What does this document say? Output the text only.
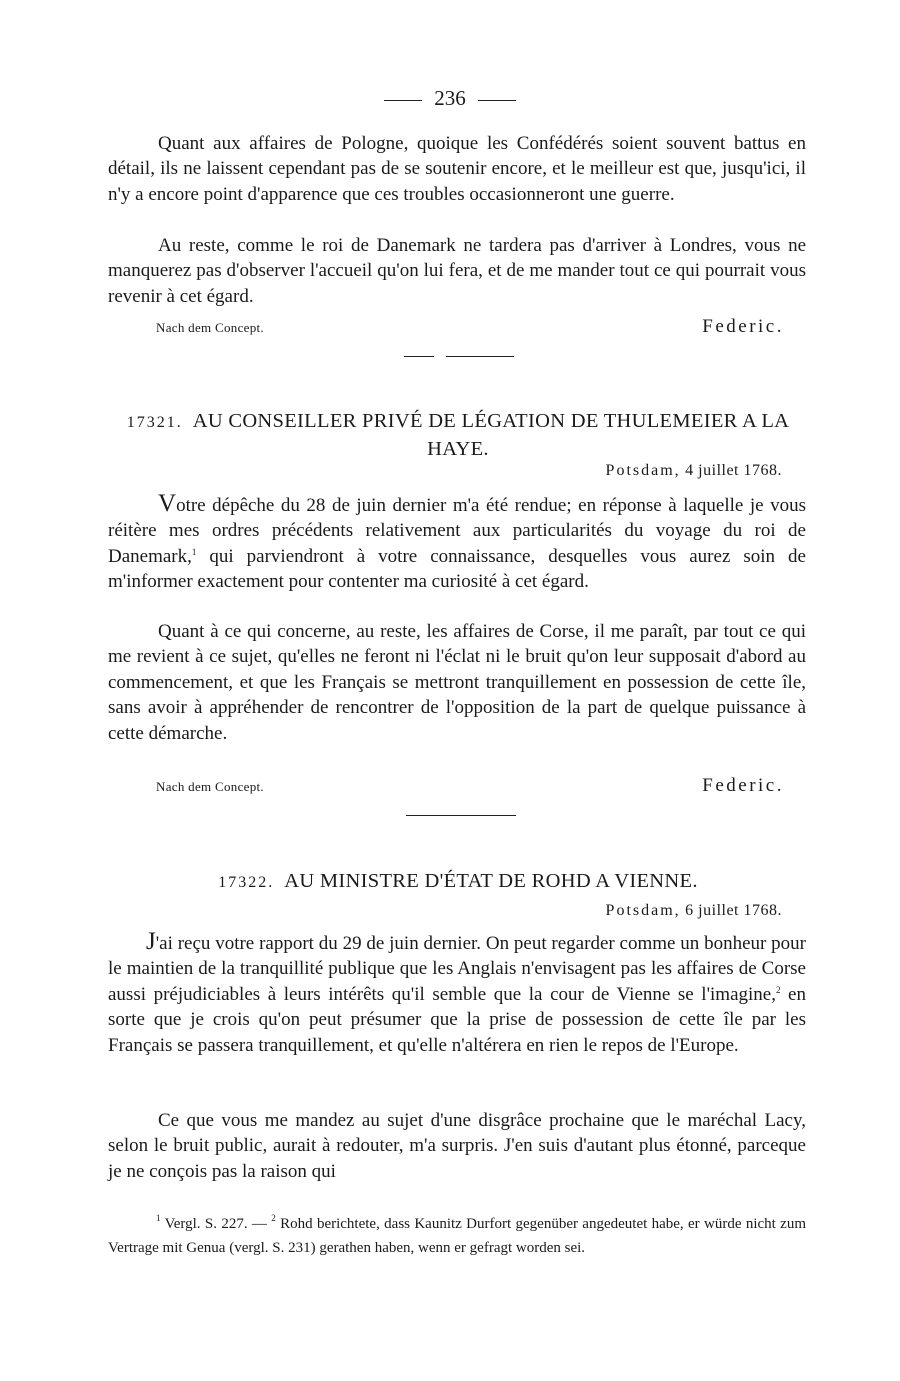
236

Quant aux affaires de Pologne, quoique les Confédérés soient souvent battus en détail, ils ne laissent cependant pas de se soutenir encore, et le meilleur est que, jusqu'ici, il n'y a encore point d'apparence que ces troubles occasionneront une guerre.

Au reste, comme le roi de Danemark ne tardera pas d'arriver à Londres, vous ne manquerez pas d'observer l'accueil qu'on lui fera, et de me mander tout ce qui pourrait vous revenir à cet égard.

Nach dem Concept.	Federic.

17321. AU CONSEILLER PRIVÉ DE LÉGATION DE THULEMEIER A LA HAYE.

Potsdam, 4 juillet 1768.

Votre dépêche du 28 de juin dernier m'a été rendue; en réponse à laquelle je vous réitère mes ordres précédents relativement aux particularités du voyage du roi de Danemark,$^1$ qui parviendront à votre connaissance, desquelles vous aurez soin de m'informer exactement pour contenter ma curiosité à cet égard.

Quant à ce qui concerne, au reste, les affaires de Corse, il me paraît, par tout ce qui me revient à ce sujet, qu'elles ne feront ni l'éclat ni le bruit qu'on leur supposait d'abord au commencement, et que les Français se mettront tranquillement en possession de cette île, sans avoir à appréhender de rencontrer de l'opposition de la part de quelque puissance à cette démarche.

Nach dem Concept.	Federic.

17322. AU MINISTRE D'ÉTAT DE ROHD A VIENNE.

Potsdam, 6 juillet 1768.

J'ai reçu votre rapport du 29 de juin dernier. On peut regarder comme un bonheur pour le maintien de la tranquillité publique que les Anglais n'envisagent pas les affaires de Corse aussi préjudiciables à leurs intérêts qu'il semble que la cour de Vienne se l'imagine,$^2$ en sorte que je crois qu'on peut présumer que la prise de possession de cette île par les Français se passera tranquillement, et qu'elle n'altérera en rien le repos de l'Europe.

Ce que vous me mandez au sujet d'une disgrâce prochaine que le maréchal Lacy, selon le bruit public, aurait à redouter, m'a surpris. J'en suis d'autant plus étonné, parceque je ne conçois pas la raison qui

$^1$ Vergl. S. 227. — $^2$ Rohd berichtete, dass Kaunitz Durfort gegenüber angedeutet habe, er würde nicht zum Vertrage mit Genua (vergl. S. 231) gerathen haben, wenn er gefragt worden sei.
